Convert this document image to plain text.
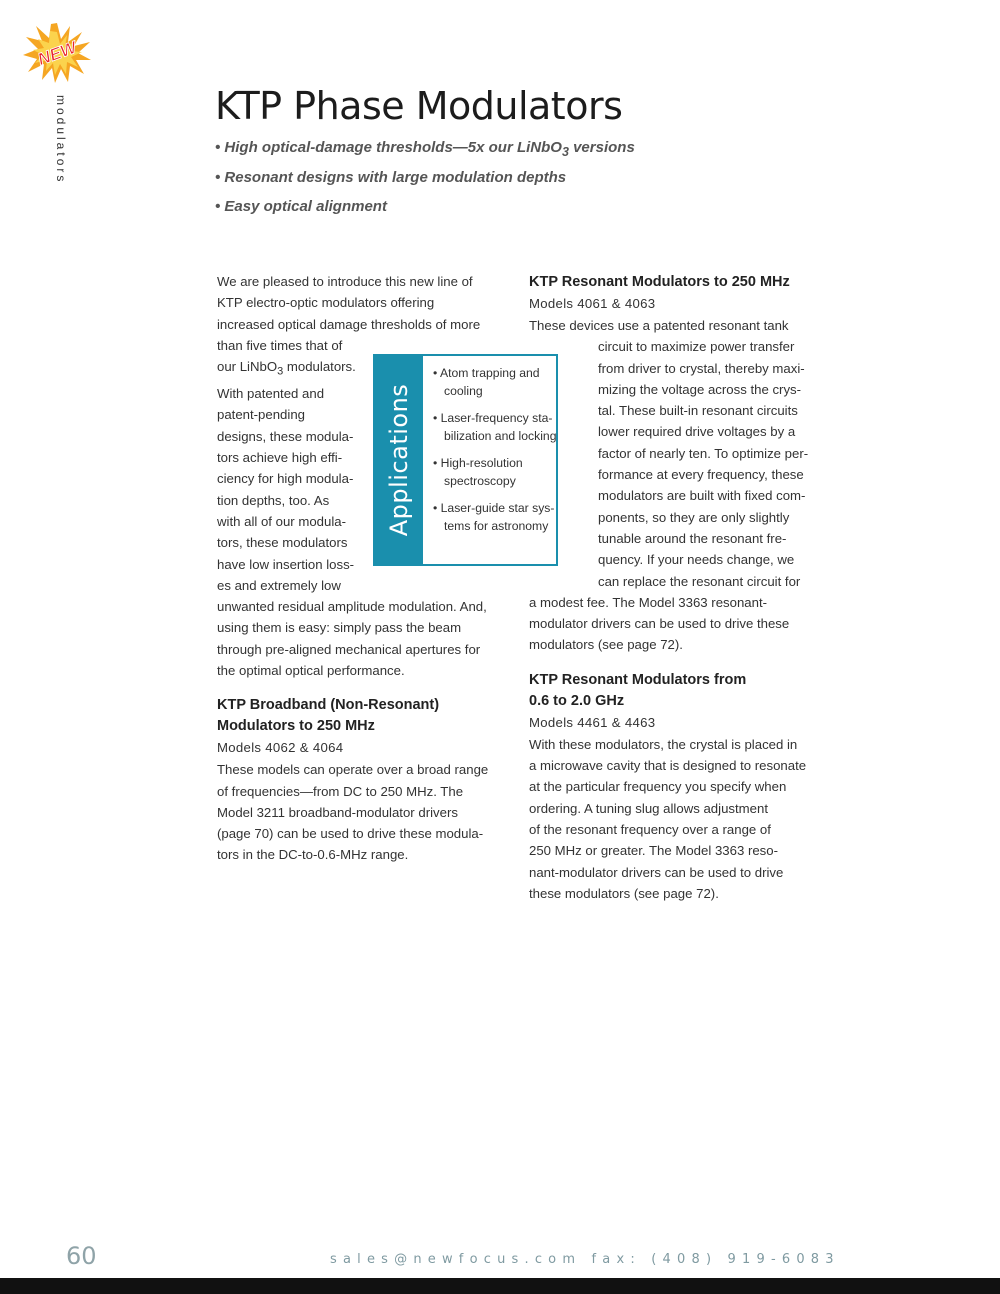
NEW
modulators	KTP Phase Modulators
• High optical-damage thresholds—5x our LiNbO$_3$ versions
• Resonant designs with large modulation depths
• Easy optical alignment

We are pleased to introduce this new line of

KTP electro-optic modulators offering

increased optical damage thresholds of more

than five times that of

our LiNbO$_3$ modulators.

With patented and

patent-pending

designs, these modula-

tors achieve high effi-

ciency for high modula-

tion depths, too. As

with all of our modula-

tors, these modulators

have low insertion loss-

es and extremely low

unwanted residual amplitude modulation. And,

using them is easy: simply pass the beam

through pre-aligned mechanical apertures for

the optimal optical performance.

KTP Broadband (Non-Resonant)

Modulators to 250 MHz

Models 4062 & 4064

These models can operate over a broad range

of frequencies—from DC to 250 MHz. The

Model 3211 broadband-modulator drivers

(page 70) can be used to drive these modula-

tors in the DC-to-0.6-MHz range.

Applications
• Atom trapping and cooling
• Laser-frequency sta-bilization and locking
• High-resolution spectroscopy
• Laser-guide star sys-tems for astronomy

KTP Resonant Modulators to 250 MHz

Models 4061 & 4063

These devices use a patented resonant tank

circuit to maximize power transfer

from driver to crystal, thereby maxi-

mizing the voltage across the crys-

tal. These built-in resonant circuits

lower required drive voltages by a

factor of nearly ten. To optimize per-

formance at every frequency, these

modulators are built with fixed com-

ponents, so they are only slightly

tunable around the resonant fre-

quency. If your needs change, we

can replace the resonant circuit for

a modest fee. The Model 3363 resonant-

modulator drivers can be used to drive these

modulators (see page 72).

KTP Resonant Modulators from

0.6 to 2.0 GHz

Models 4461 & 4463

With these modulators, the crystal is placed in

a microwave cavity that is designed to resonate

at the particular frequency you specify when

ordering. A tuning slug allows adjustment

of the resonant frequency over a range of

250 MHz or greater. The Model 3363 reso-

nant-modulator drivers can be used to drive

these modulators (see page 72).

60	sales@newfocus.com fax: (408) 919-6083
